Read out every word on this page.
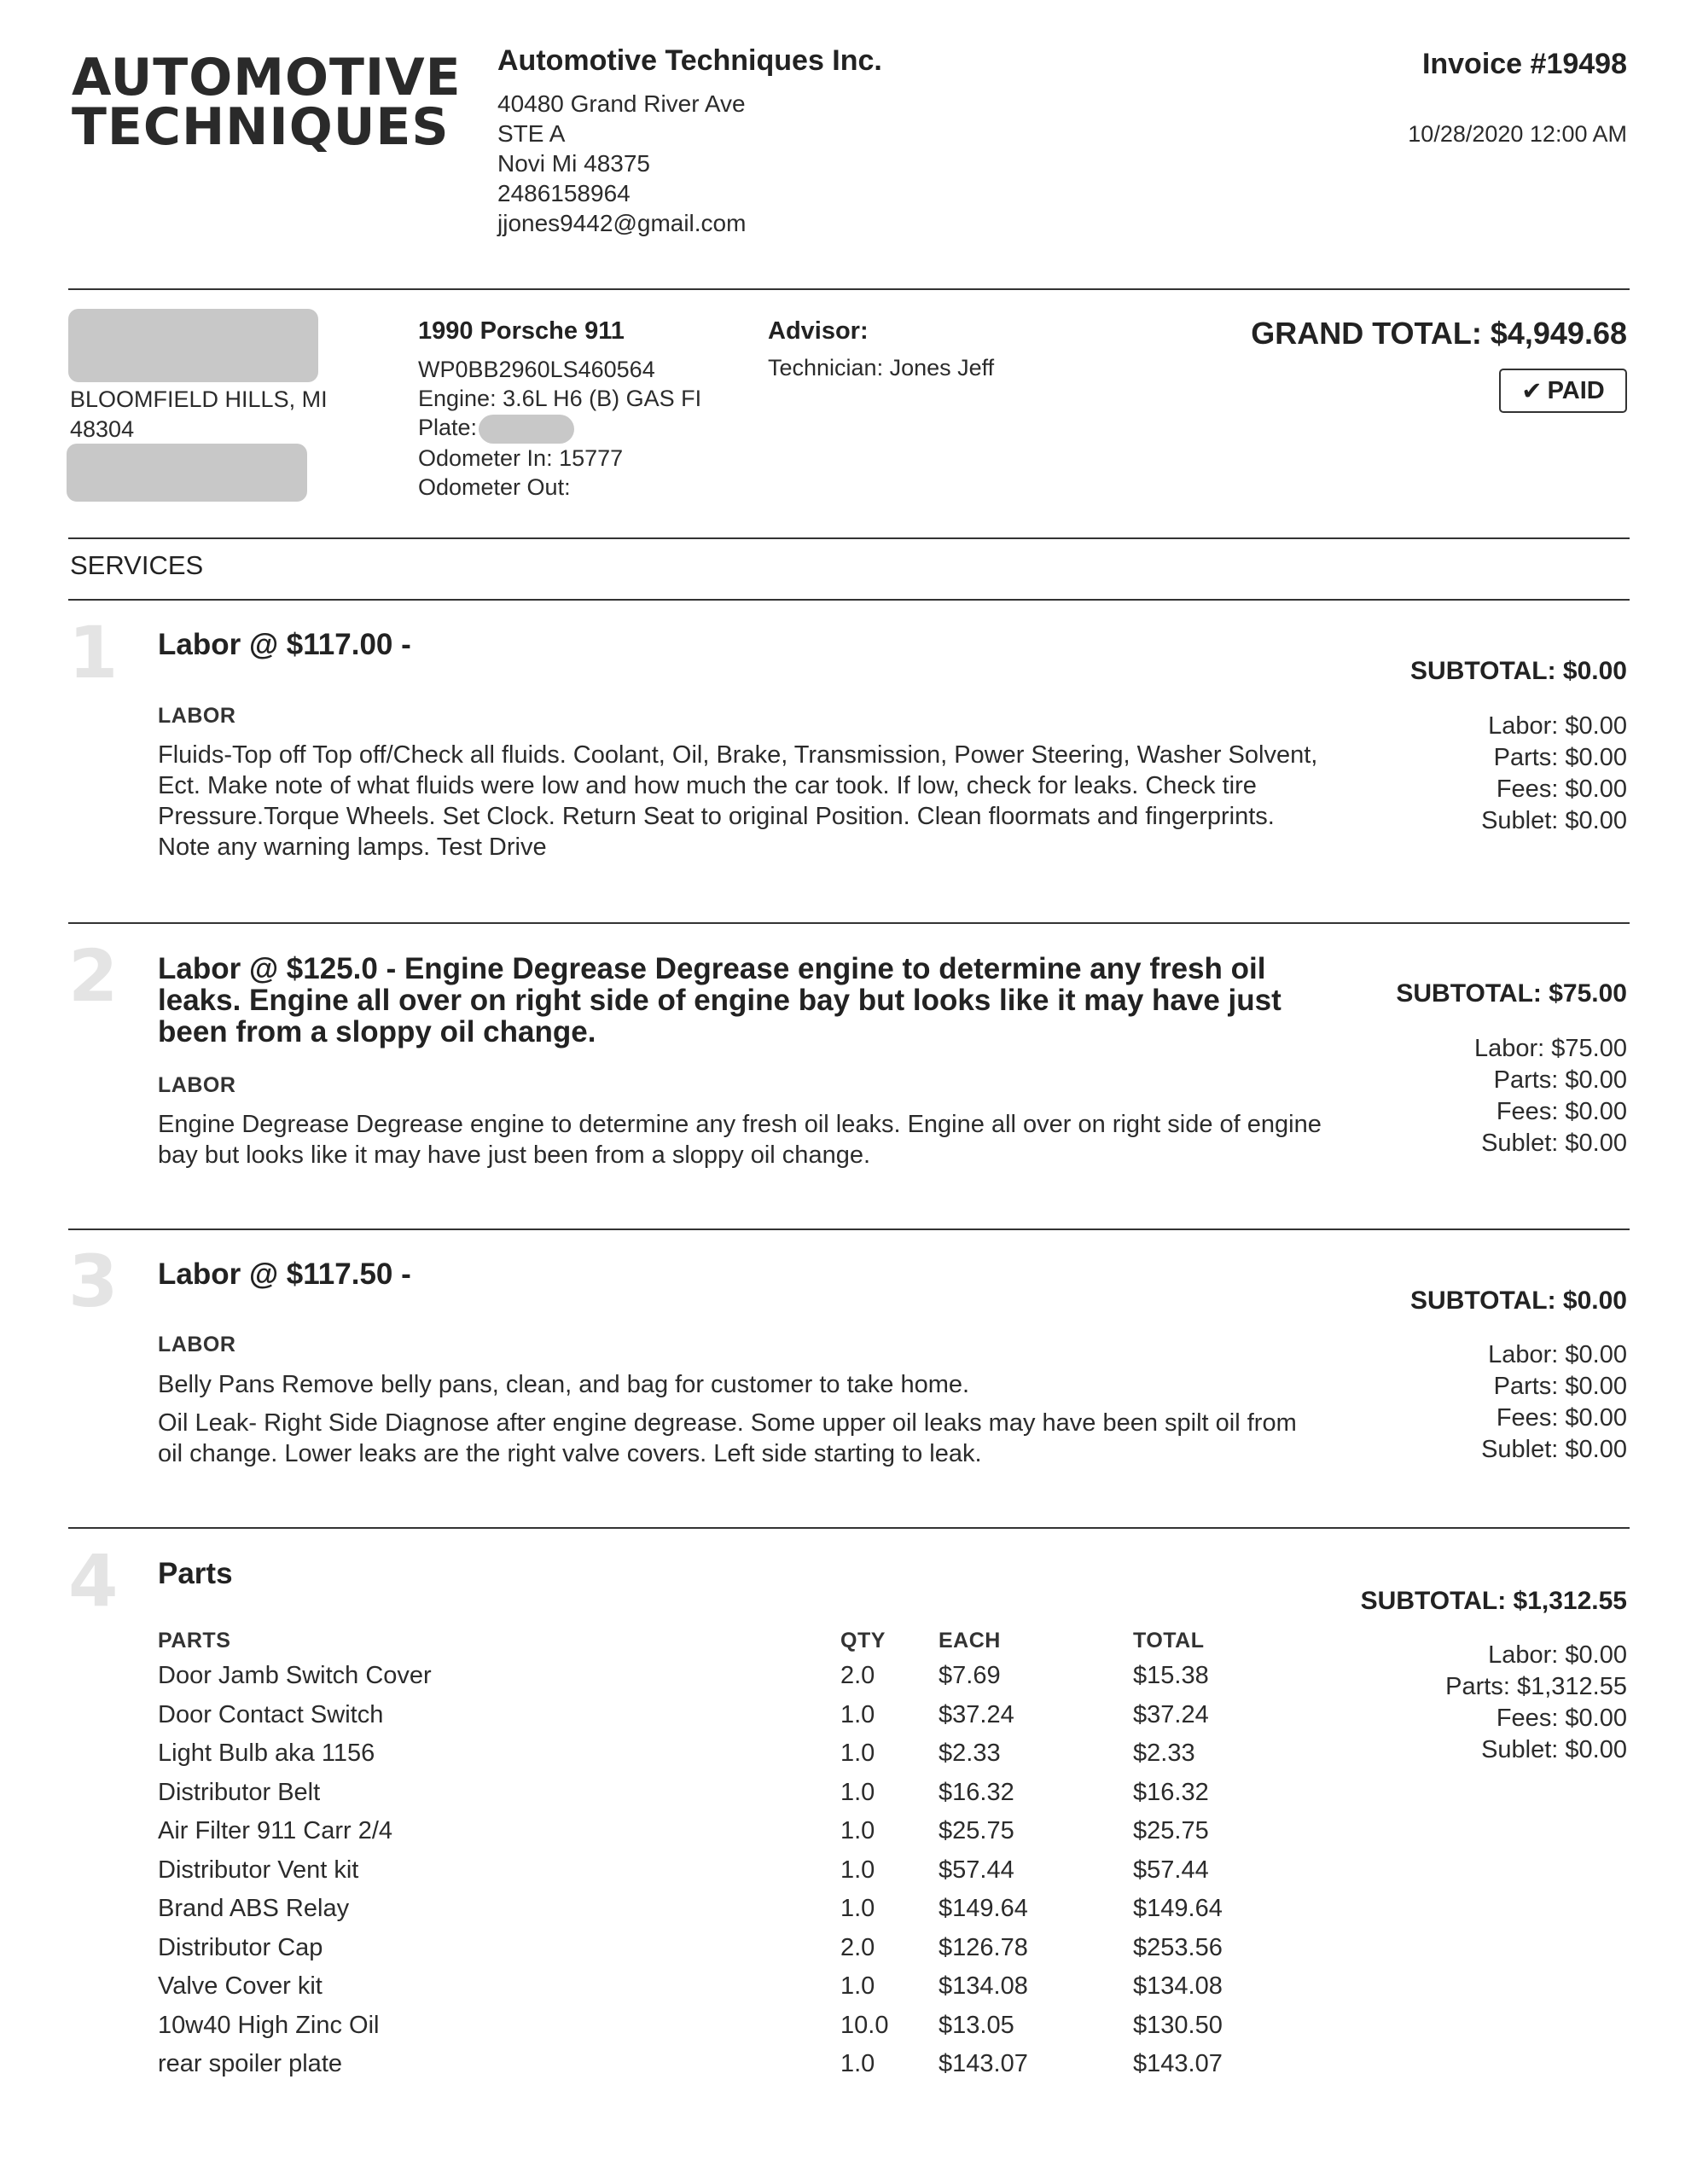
AUTOMOTIVE
TECHNIQUES
Automotive Techniques Inc.
40480 Grand River Ave
STE A
Novi Mi 48375
2486158964
jjones9442@gmail.com
Invoice #19498
10/28/2020 12:00 AM
BLOOMFIELD HILLS, MI
48304
1990 Porsche 911
WP0BB2960LS460564
Engine: 3.6L H6 (B) GAS FI
Plate:
Odometer In: 15777
Odometer Out:
Advisor:
Technician: Jones Jeff
GRAND TOTAL: $4,949.68
✔ PAID
SERVICES
1 Labor @ $117.00 -
LABOR
Fluids-Top off Top off/Check all fluids. Coolant, Oil, Brake, Transmission, Power Steering, Washer Solvent, Ect. Make note of what fluids were low and how much the car took. If low, check for leaks. Check tire Pressure.Torque Wheels. Set Clock. Return Seat to original Position. Clean floormats and fingerprints. Note any warning lamps. Test Drive
SUBTOTAL: $0.00
Labor: $0.00
Parts: $0.00
Fees: $0.00
Sublet: $0.00
2 Labor @ $125.0 - Engine Degrease Degrease engine to determine any fresh oil leaks. Engine all over on right side of engine bay but looks like it may have just been from a sloppy oil change.
LABOR
Engine Degrease Degrease engine to determine any fresh oil leaks. Engine all over on right side of engine bay but looks like it may have just been from a sloppy oil change.
SUBTOTAL: $75.00
Labor: $75.00
Parts: $0.00
Fees: $0.00
Sublet: $0.00
3 Labor @ $117.50 -
LABOR
Belly Pans Remove belly pans, clean, and bag for customer to take home.
Oil Leak- Right Side Diagnose after engine degrease. Some upper oil leaks may have been spilt oil from oil change. Lower leaks are the right valve covers. Left side starting to leak.
SUBTOTAL: $0.00
Labor: $0.00
Parts: $0.00
Fees: $0.00
Sublet: $0.00
4 Parts
SUBTOTAL: $1,312.55
Labor: $0.00
Parts: $1,312.55
Fees: $0.00
Sublet: $0.00
PARTS	QTY	EACH	TOTAL
Door Jamb Switch Cover	2.0	$7.69	$15.38
Door Contact Switch	1.0	$37.24	$37.24
Light Bulb aka 1156	1.0	$2.33	$2.33
Distributor Belt	1.0	$16.32	$16.32
Air Filter 911 Carr 2/4	1.0	$25.75	$25.75
Distributor Vent kit	1.0	$57.44	$57.44
Brand ABS Relay	1.0	$149.64	$149.64
Distributor Cap	2.0	$126.78	$253.56
Valve Cover kit	1.0	$134.08	$134.08
10w40 High Zinc Oil	10.0	$13.05	$130.50
rear spoiler plate	1.0	$143.07	$143.07
